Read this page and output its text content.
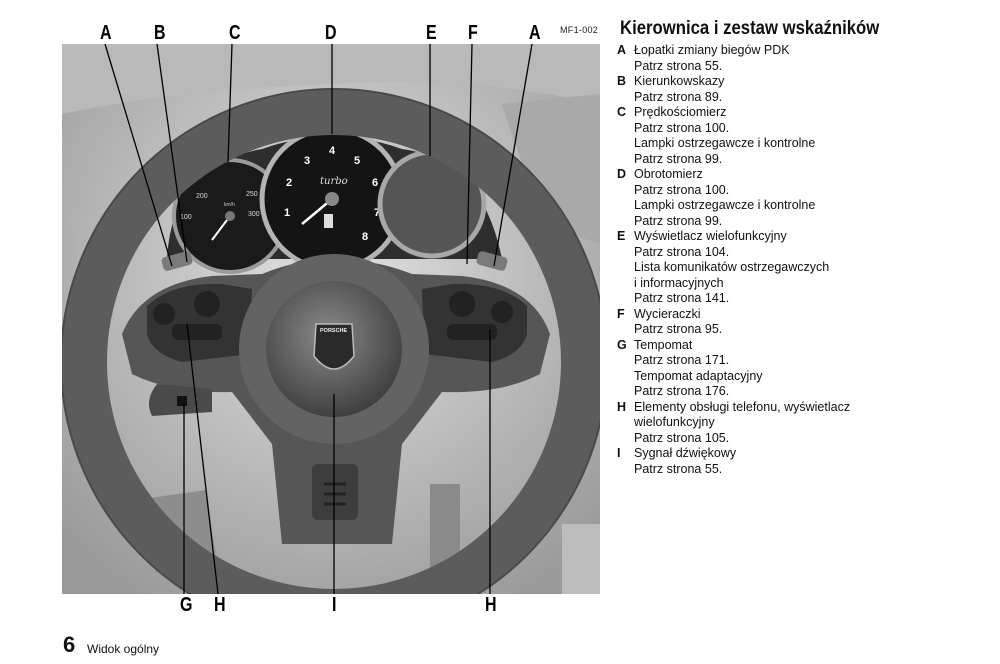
A B	C	D	E F	A MF1-002
200
100
250
300
km/h
1
2
3
4
5
6
7
8
turbo
PORSCHE
G H	I	H
Kierownica i zestaw wskaźników
A Łopatki zmiany biegów PDK
Patrz strona 55.
B Kierunkowskazy
Patrz strona 89.
C Prędkościomierz
Patrz strona 100.
Lampki ostrzegawcze i kontrolne
Patrz strona 99.
D Obrotomierz
Patrz strona 100.
Lampki ostrzegawcze i kontrolne
Patrz strona 99.
E Wyświetlacz wielofunkcyjny
Patrz strona 104.
Lista komunikatów ostrzegawczych
i informacyjnych
Patrz strona 141.
F Wycieraczki
Patrz strona 95.
G Tempomat
Patrz strona 171.
Tempomat adaptacyjny
Patrz strona 176.
H Elementy obsługi telefonu, wyświetlacz
wielofunkcyjny
Patrz strona 105.
I	Sygnał dźwiękowy
Patrz strona 55.
6 Widok ogólny
